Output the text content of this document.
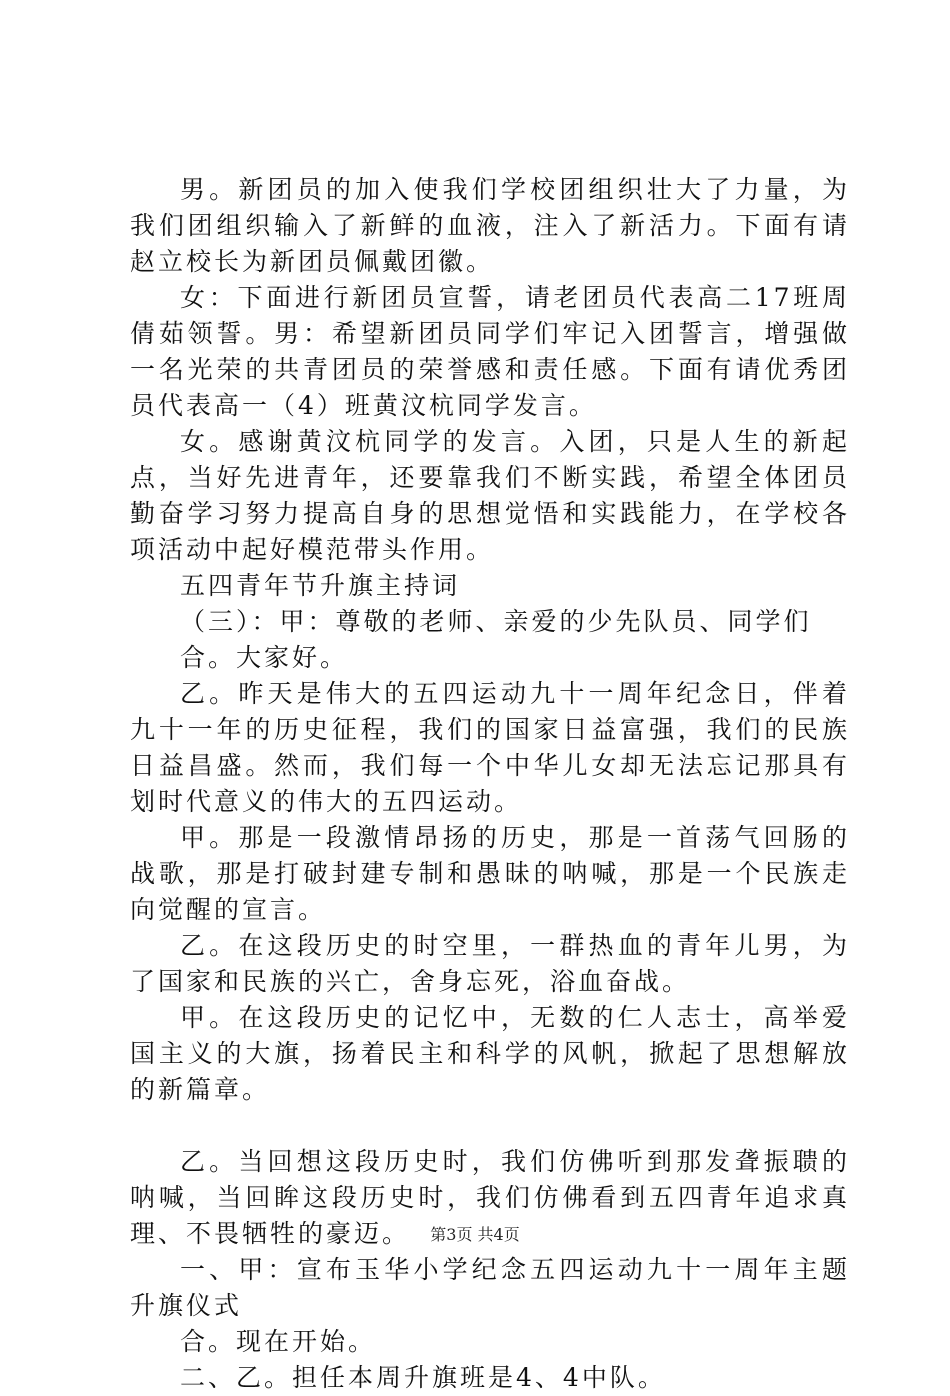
男。新团员的加入使我们学校团组织壮大了力量，为我们团组织输入了新鲜的血液，注入了新活力。下面有请赵立校长为新团员佩戴团徽。

女：下面进行新团员宣誓，请老团员代表高二17班周倩茹领誓。男：希望新团员同学们牢记入团誓言，增强做一名光荣的共青团员的荣誉感和责任感。下面有请优秀团员代表高一（4）班黄汶杭同学发言。

女。感谢黄汶杭同学的发言。入团，只是人生的新起点，当好先进青年，还要靠我们不断实践，希望全体团员勤奋学习努力提高自身的思想觉悟和实践能力，在学校各项活动中起好模范带头作用。

五四青年节升旗主持词

（三）：甲：尊敬的老师、亲爱的少先队员、同学们

合。大家好。

乙。昨天是伟大的五四运动九十一周年纪念日，伴着九十一年的历史征程，我们的国家日益富强，我们的民族日益昌盛。然而，我们每一个中华儿女却无法忘记那具有划时代意义的伟大的五四运动。

甲。那是一段激情昂扬的历史，那是一首荡气回肠的战歌，那是打破封建专制和愚昧的呐喊，那是一个民族走向觉醒的宣言。

乙。在这段历史的时空里，一群热血的青年儿男，为了国家和民族的兴亡，舍身忘死，浴血奋战。

甲。在这段历史的记忆中，无数的仁人志士，高举爱国主义的大旗，扬着民主和科学的风帆，掀起了思想解放的新篇章。

乙。当回想这段历史时，我们仿佛听到那发聋振聩的呐喊，当回眸这段历史时，我们仿佛看到五四青年追求真理、不畏牺牲的豪迈。

一、甲：宣布玉华小学纪念五四运动九十一周年主题升旗仪式

合。现在开始。

二、乙。担任本周升旗班是4、4中队。

第3页 共4页
